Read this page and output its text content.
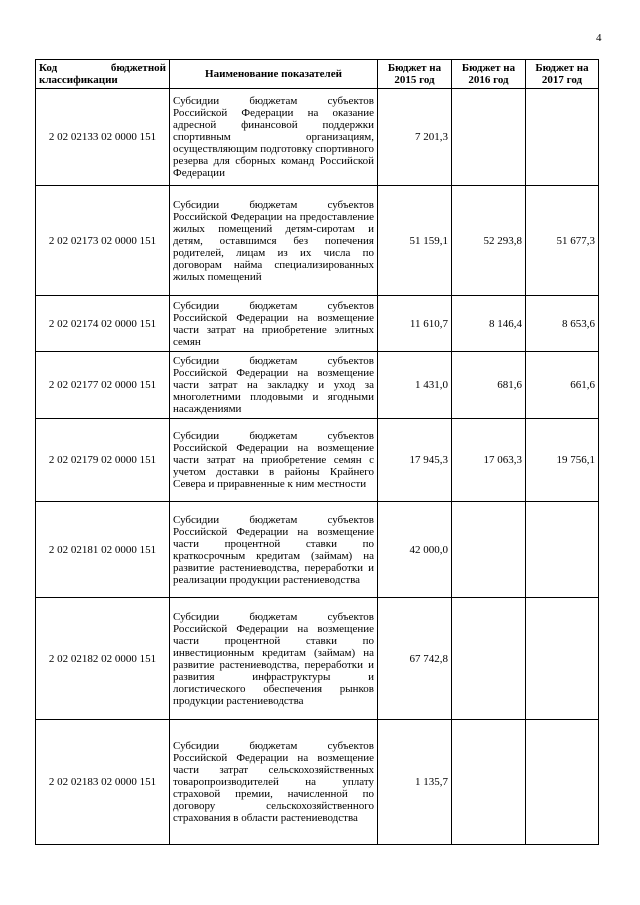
4
Код бюджетной классификации	Наименование показателей	Бюджет на 2015 год	Бюджет на 2016 год	Бюджет на 2017 год
2 02 02133 02 0000 151	Субсидии бюджетам субъектов Российской Федерации на оказание адресной финансовой поддержки спортивным организациям, осуществляющим подготовку спортивного резерва для сборных команд Российской Федерации	7 201,3		
2 02 02173 02 0000 151	Субсидии бюджетам субъектов Российской Федерации на предоставление жилых помещений детям-сиротам и детям, оставшимся без попечения родителей, лицам из их числа по договорам найма специализированных жилых помещений	51 159,1	52 293,8	51 677,3
2 02 02174 02 0000 151	Субсидии бюджетам субъектов Российской Федерации на возмещение части затрат на приобретение элитных семян	11 610,7	8 146,4	8 653,6
2 02 02177 02 0000 151	Субсидии бюджетам субъектов Российской Федерации на возмещение части затрат на закладку и уход за многолетними плодовыми и ягодными насаждениями	1 431,0	681,6	661,6
2 02 02179 02 0000 151	Субсидии бюджетам субъектов Российской Федерации на возмещение части затрат на приобретение семян с учетом доставки в районы Крайнего Севера и приравненные к ним местности	17 945,3	17 063,3	19 756,1
2 02 02181 02 0000 151	Субсидии бюджетам субъектов Российской Федерации на возмещение части процентной ставки по краткосрочным кредитам (займам) на развитие растениеводства, переработки и реализации продукции растениеводства	42 000,0		
2 02 02182 02 0000 151	Субсидии бюджетам субъектов Российской Федерации на возмещение части процентной ставки по инвестиционным кредитам (займам) на развитие растениеводства, переработки и развития инфраструктуры и логистического обеспечения рынков продукции растениеводства	67 742,8		
2 02 02183 02 0000 151	Субсидии бюджетам субъектов Российской Федерации на возмещение части затрат сельскохозяйственных товаропроизводителей на уплату страховой премии, начисленной по договору сельскохозяйственного страхования в области растениеводства	1 135,7		
